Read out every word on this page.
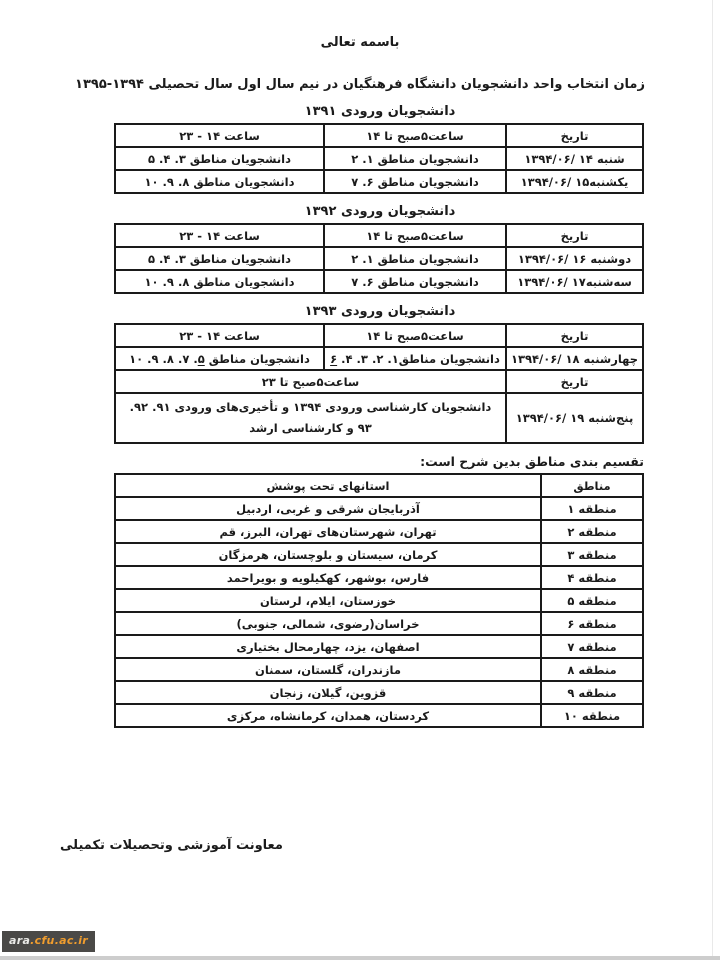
باسمه تعالی
زمان انتخاب واحد دانشجویان دانشگاه فرهنگیان در نیم سال اول سال تحصیلی ۱۳۹۴-۱۳۹۵
دانشجویان ورودی ۱۳۹۱
تاریخ	ساعت۵صبح تا ۱۴	ساعت ۱۴ - ۲۳
شنبه ۱۴ /۱۳۹۴/۰۶	دانشجویان مناطق ۱. ۲	دانشجویان مناطق ۳. ۴. ۵
یکشنبه۱۵ /۱۳۹۴/۰۶	دانشجویان مناطق ۶. ۷	دانشجویان مناطق ۸. ۹. ۱۰
دانشجویان ورودی ۱۳۹۲
تاریخ	ساعت۵صبح تا ۱۴	ساعت ۱۴ - ۲۳
دوشنبه ۱۶ /۱۳۹۴/۰۶	دانشجویان مناطق ۱. ۲	دانشجویان مناطق ۳. ۴. ۵
سه‌شنبه۱۷ /۱۳۹۴/۰۶	دانشجویان مناطق ۶. ۷	دانشجویان مناطق ۸. ۹. ۱۰
دانشجویان ورودی ۱۳۹۳
تاریخ	ساعت۵صبح تا ۱۴	ساعت ۱۴ - ۲۳
چهارشنبه ۱۸ /۱۳۹۴/۰۶	دانشجویان مناطق۱. ۲. ۳. ۴. ۶	دانشجویان مناطق ۵. ۷. ۸. ۹. ۱۰
تاریخ	ساعت۵صبح تا ۲۳	
پنج‌شنبه ۱۹ /۱۳۹۴/۰۶	دانشجویان کارشناسی ورودی ۱۳۹۴ و تأخیری‌های ورودی ۹۱. ۹۲. ۹۳ و کارشناسی ارشد	
تقسیم بندی مناطق بدین شرح است:
مناطق	استانهای تحت پوشش
منطقه ۱	آذربایجان شرقی و غربی، اردبیل
منطقه ۲	تهران، شهرستان‌های تهران، البرز، قم
منطقه ۳	کرمان، سیستان و بلوچستان، هرمزگان
منطقه ۴	فارس، بوشهر، کهکیلویه و بویراحمد
منطقه ۵	خوزستان، ایلام، لرستان
منطقه ۶	خراسان(رضوی، شمالی، جنوبی)
منطقه ۷	اصفهان، یزد، چهارمحال بختیاری
منطقه ۸	مازندران، گلستان، سمنان
منطقه ۹	قزوین، گیلان، زنجان
منطقه ۱۰	کردستان، همدان، کرمانشاه، مرکزی
معاونت آموزشی وتحصیلات تکمیلی
ara.cfu.ac.ir
